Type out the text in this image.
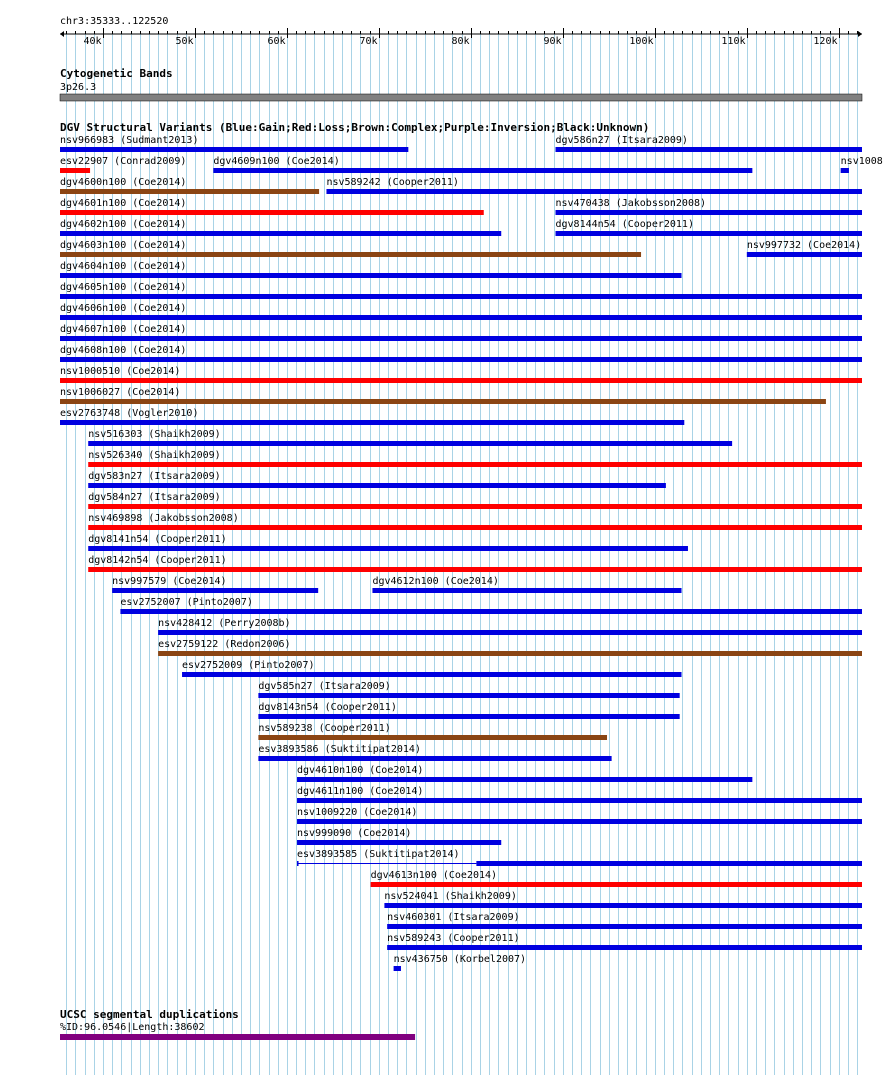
chr3:35333..122520
40k	50k	60k	70k	80k	90k	100k	110k	120k
Cytogenetic Bands
3p26.3
DGV Structural Variants (Blue:Gain;Red:Loss;Brown:Complex;Purple:Inversion;Black:Unknown)
nsv966983 (Sudmant2013)	dgv586n27 (Itsara2009)
esv22907 (Conrad2009)	dgv4609n100 (Coe2014)	nsv1008
dgv4600n100 (Coe2014)	nsv589242 (Cooper2011)
dgv4601n100 (Coe2014)	nsv470438 (Jakobsson2008)
dgv4602n100 (Coe2014)	dgv8144n54 (Cooper2011)
dgv4603n100 (Coe2014)	nsv997732 (Coe2014)
dgv4604n100 (Coe2014)
dgv4605n100 (Coe2014)
dgv4606n100 (Coe2014)
dgv4607n100 (Coe2014)
dgv4608n100 (Coe2014)
nsv1000510 (Coe2014)
nsv1006027 (Coe2014)
esv2763748 (Vogler2010)
nsv516303 (Shaikh2009)
nsv526340 (Shaikh2009)
dgv583n27 (Itsara2009)
dgv584n27 (Itsara2009)
nsv469898 (Jakobsson2008)
dgv8141n54 (Cooper2011)
dgv8142n54 (Cooper2011)
nsv997579 (Coe2014)	dgv4612n100 (Coe2014)
esv2752007 (Pinto2007)
nsv428412 (Perry2008b)
esv2759122 (Redon2006)
esv2752009 (Pinto2007)
dgv585n27 (Itsara2009)
dgv8143n54 (Cooper2011)
nsv589238 (Cooper2011)
esv3893586 (Suktitipat2014)
dgv4610n100 (Coe2014)
dgv4611n100 (Coe2014)
nsv1009220 (Coe2014)
nsv999090 (Coe2014)
esv3893585 (Suktitipat2014)
dgv4613n100 (Coe2014)
nsv524041 (Shaikh2009)
nsv460301 (Itsara2009)
nsv589243 (Cooper2011)
nsv436750 (Korbel2007)
UCSC segmental duplications
%ID:96.0546|Length:38602
